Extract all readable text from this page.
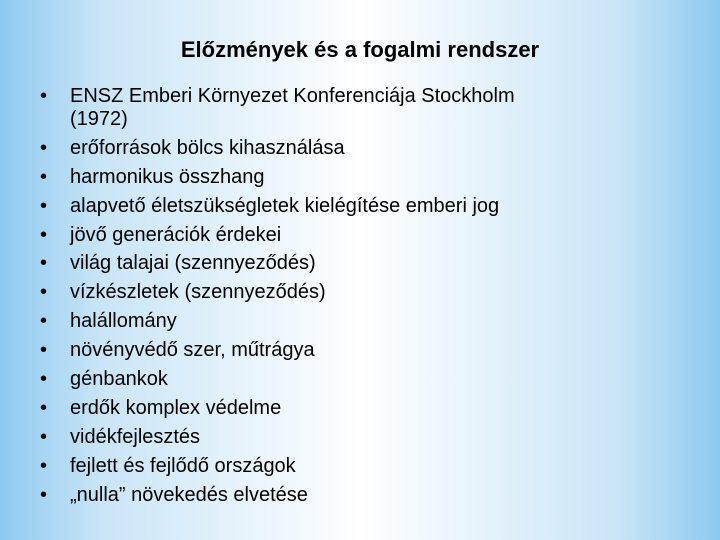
Előzmények és a fogalmi rendszer
•	ENSZ Emberi Környezet Konferenciája Stockholm
(1972)
•	erőforrások bölcs kihasználása
•	harmonikus összhang
•	alapvető életszükségletek kielégítése emberi jog
•	jövő generációk érdekei
•	világ talajai (szennyeződés)
•	vízkészletek (szennyeződés)
•	halállomány
•	növényvédő szer, műtrágya
•	génbankok
•	erdők komplex védelme
•	vidékfejlesztés
•	fejlett és fejlődő országok
•	„nulla” növekedés elvetése
